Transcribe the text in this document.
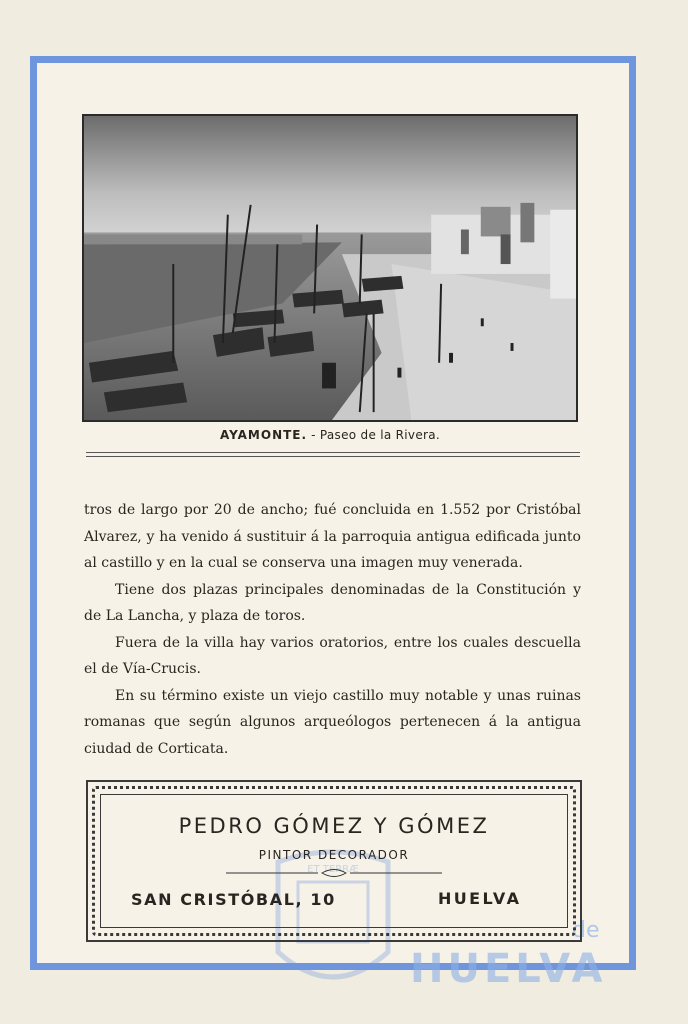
AYAMONTE. - Paseo de la Rivera.

tros de largo por 20 de ancho; fué concluida en 1.552 por Cristóbal Alvarez, y ha venido á sustituir á la parroquia antigua edificada junto al castillo y en la cual se conserva una imagen muy venerada.

Tiene dos plazas principales denominadas de la Constitución y de La Lancha, y plaza de toros.

Fuera de la villa hay varios oratorios, entre los cuales descuella el de Vía-Crucis.

En su término existe un viejo castillo muy notable y unas ruinas romanas que según algunos arqueólogos pertenecen á la antigua ciudad de Corticata.

ET TERRÆ
de
HUELVA
PEDRO GÓMEZ Y GÓMEZ
PINTOR DECORADOR
SAN CRISTÓBAL, 10	HUELVA
